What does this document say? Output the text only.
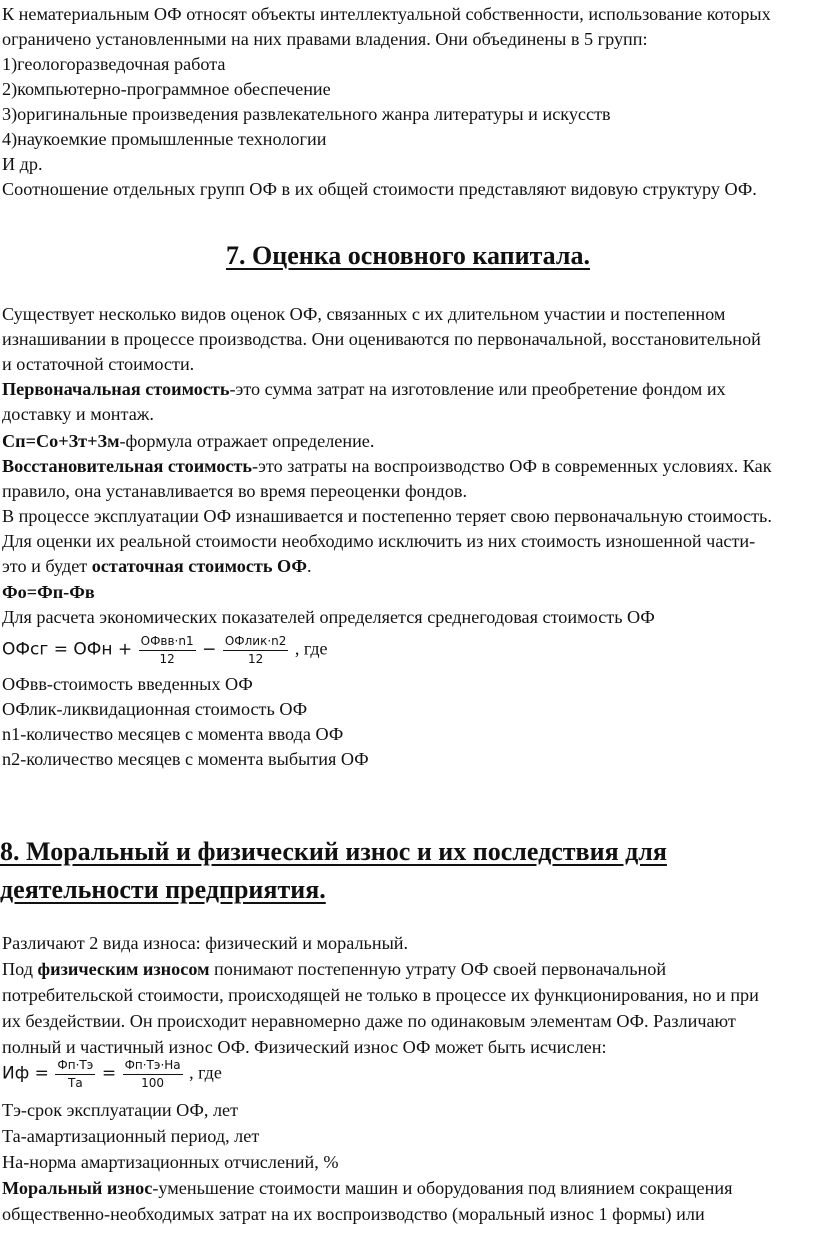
К нематериальным ОФ относят объекты интеллектуальной собственности, использование которых
ограничено установленными на них правами владения. Они объединены в 5 групп:
1)геологоразведочная работа
2)компьютерно-программное обеспечение
3)оригинальные произведения развлекательного жанра литературы и искусств
4)наукоемкие промышленные технологии
И др.
Соотношение отдельных групп ОФ в их общей стоимости представляют видовую структуру ОФ.
7. Оценка основного капитала.
Существует несколько видов оценок ОФ, связанных с их длительном участии и постепенном
изнашивании в процессе производства. Они оцениваются по первоначальной, восстановительной
и остаточной стоимости.
Первоначальная стоимость-это сумма затрат на изготовление или преобретение фондом их
доставку и монтаж.
Сп=Со+Зт+Зм-формула отражает определение.
Восстановительная стоимость-это затраты на воспроизводство ОФ в современных условиях. Как
правило, она устанавливается во время переоценки фондов.
В процессе эксплуатации ОФ изнашивается и постепенно теряет свою первоначальную стоимость.
Для оценки их реальной стоимости необходимо исключить из них стоимость изношенной части-
это и будет остаточная стоимость ОФ.
Фо=Фп-Фв
Для расчета экономических показателей определяется среднегодовая стоимость ОФ
ОФсг = ОФн + $\frac{\text{ОФвв·n1}}{12} - \frac{\text{ОФлик·n2}}{12}$ , где
ОФвв-стоимость введенных ОФ
ОФлик-ликвидационная стоимость ОФ
n1-количество месяцев с момента ввода ОФ
n2-количество месяцев с момента выбытия ОФ
8. Моральный и физический износ и их последствия для
деятельности предприятия.
Различают 2 вида износа: физический и моральный.
Под физическим износом понимают постепенную утрату ОФ своей первоначальной
потребительской стоимости, происходящей не только в процессе их функционирования, но и при
их бездействии. Он происходит неравномерно даже по одинаковым элементам ОФ. Различают
полный и частичный износ ОФ. Физический износ ОФ может быть исчислен:
Иф = $\frac{Фп\cdot Тэ}{Та} = \frac{Фп\cdot Тэ\cdot На}{100}$ , где
Тэ-срок эксплуатации ОФ, лет
Та-амартизационный период, лет
На-норма амартизационных отчислений, %
Моральный износ-уменьшение стоимости машин и оборудования под влиянием сокращения
общественно-необходимых затрат на их воспроизводство (моральный износ 1 формы) или
